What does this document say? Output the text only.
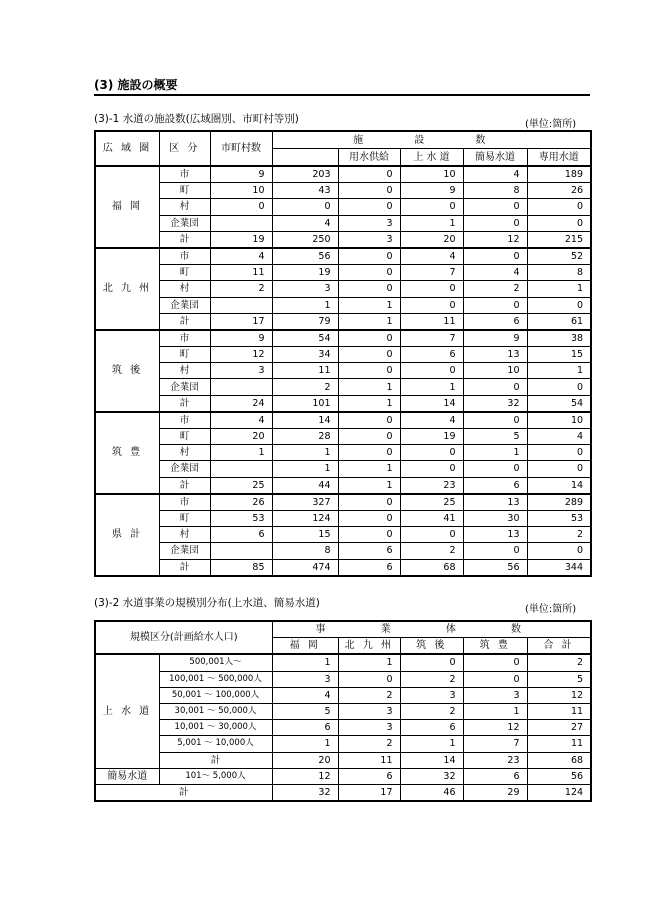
(3) 施設の概要
(3)-1 水道の施設数(広域圏別、市町村等別)	(単位:箇所)
広 域 圏	区 分	市町村数	施 設 数				
				用水供給	上 水 道	簡易水道	専用水道
福 岡	市	9	203	0	10	4	189
	町	10	43	0	9	8	26
	村	0	0	0	0	0	0
	企業団		4	3	1	0	0
	計	19	250	3	20	12	215
北 九 州	市	4	56	0	4	0	52
	町	11	19	0	7	4	8
	村	2	3	0	0	2	1
	企業団		1	1	0	0	0
	計	17	79	1	11	6	61
筑 後	市	9	54	0	7	9	38
	町	12	34	0	6	13	15
	村	3	11	0	0	10	1
	企業団		2	1	1	0	0
	計	24	101	1	14	32	54
筑 豊	市	4	14	0	4	0	10
	町	20	28	0	19	5	4
	村	1	1	0	0	1	0
	企業団		1	1	0	0	0
	計	25	44	1	23	6	14
県 計	市	26	327	0	25	13	289
	町	53	124	0	41	30	53
	村	6	15	0	0	13	2
	企業団		8	6	2	0	0
	計	85	474	6	68	56	344
(3)-2 水道事業の規模別分布(上水道、簡易水道)
(単位:箇所)
規模区分(計画給水人口)		事 業 体 数				
		福 岡	北 九 州	筑 後	筑 豊	合 計
上 水 道	500,001人〜	1	1	0	0	2
	100,001 〜 500,000人	3	0	2	0	5
	50,001 〜 100,000人	4	2	3	3	12
	30,001 〜 50,000人	5	3	2	1	11
	10,001 〜 30,000人	6	3	6	12	27
	5,001 〜 10,000人	1	2	1	7	11
	計	20	11	14	23	68
簡易水道	101〜 5,000人	12	6	32	6	56
計		32	17	46	29	124
